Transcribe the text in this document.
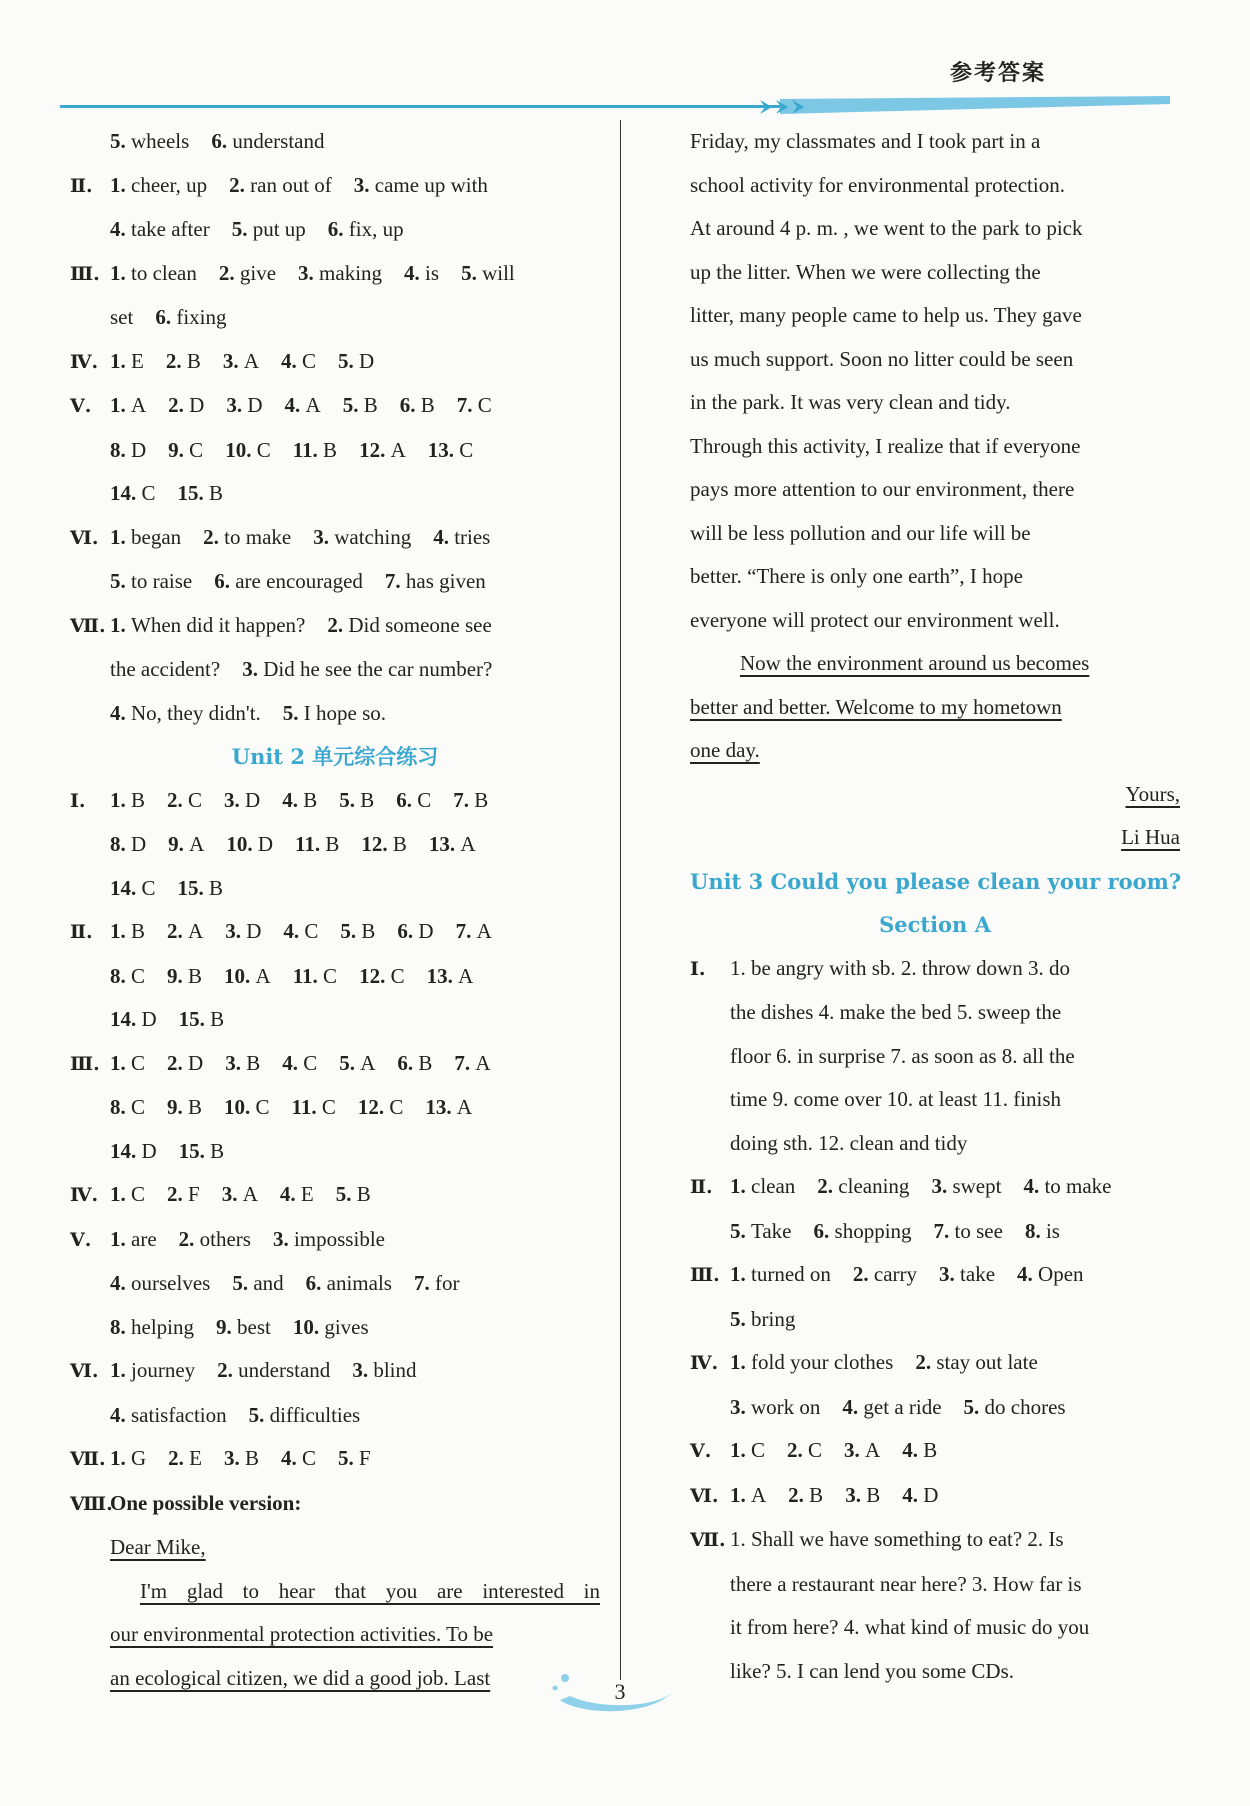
参考答案
5. wheels 6. understand
Ⅱ. 1. cheer, up 2. ran out of 3. came up with
4. take after 5. put up 6. fix, up
Ⅲ. 1. to clean 2. give 3. making 4. is 5. will
set 6. fixing
Ⅳ. 1. E 2. B 3. A 4. C 5. D
Ⅴ. 1. A 2. D 3. D 4. A 5. B 6. B 7. C
8. D 9. C 10. C 11. B 12. A 13. C
14. C 15. B
Ⅵ. 1. began 2. to make 3. watching 4. tries
5. to raise 6. are encouraged 7. has given
Ⅶ. 1. When did it happen? 2. Did someone see
the accident? 3. Did he see the car number?
4. No, they didn't. 5. I hope so.
Unit 2 单元综合练习
Ⅰ. 1. B 2. C 3. D 4. B 5. B 6. C 7. B
8. D 9. A 10. D 11. B 12. B 13. A
14. C 15. B
Ⅱ. 1. B 2. A 3. D 4. C 5. B 6. D 7. A
8. C 9. B 10. A 11. C 12. C 13. A
14. D 15. B
Ⅲ. 1. C 2. D 3. B 4. C 5. A 6. B 7. A
8. C 9. B 10. C 11. C 12. C 13. A
14. D 15. B
Ⅳ. 1. C 2. F 3. A 4. E 5. B
Ⅴ. 1. are 2. others 3. impossible
4. ourselves 5. and 6. animals 7. for
8. helping 9. best 10. gives
Ⅵ. 1. journey 2. understand 3. blind
4. satisfaction 5. difficulties
Ⅶ. 1. G 2. E 3. B 4. C 5. F
Ⅷ.One possible version:
Dear Mike,
I'm glad to hear that you are interested in
our environmental protection activities. To be
an ecological citizen, we did a good job. Last
Friday, my classmates and I took part in a
school activity for environmental protection.
At around 4 p. m. , we went to the park to pick
up the litter. When we were collecting the
litter, many people came to help us. They gave
us much support. Soon no litter could be seen
in the park. It was very clean and tidy.
Through this activity, I realize that if everyone
pays more attention to our environment, there
will be less pollution and our life will be
better. “There is only one earth”, I hope
everyone will protect our environment well.
Now the environment around us becomes
better and better. Welcome to my hometown
one day.
Yours,
Li Hua
Unit 3 Could you please clean your room?
Section A
Ⅰ. 1. be angry with sb. 2. throw down 3. do
the dishes 4. make the bed 5. sweep the
floor 6. in surprise 7. as soon as 8. all the
time 9. come over 10. at least 11. finish
doing sth. 12. clean and tidy
Ⅱ. 1. clean 2. cleaning 3. swept 4. to make
5. Take 6. shopping 7. to see 8. is
Ⅲ. 1. turned on 2. carry 3. take 4. Open
5. bring
Ⅳ. 1. fold your clothes 2. stay out late
3. work on 4. get a ride 5. do chores
Ⅴ. 1. C 2. C 3. A 4. B
Ⅵ. 1. A 2. B 3. B 4. D
Ⅶ. 1. Shall we have something to eat? 2. Is
there a restaurant near here? 3. How far is
it from here? 4. what kind of music do you
like? 5. I can lend you some CDs.
3
